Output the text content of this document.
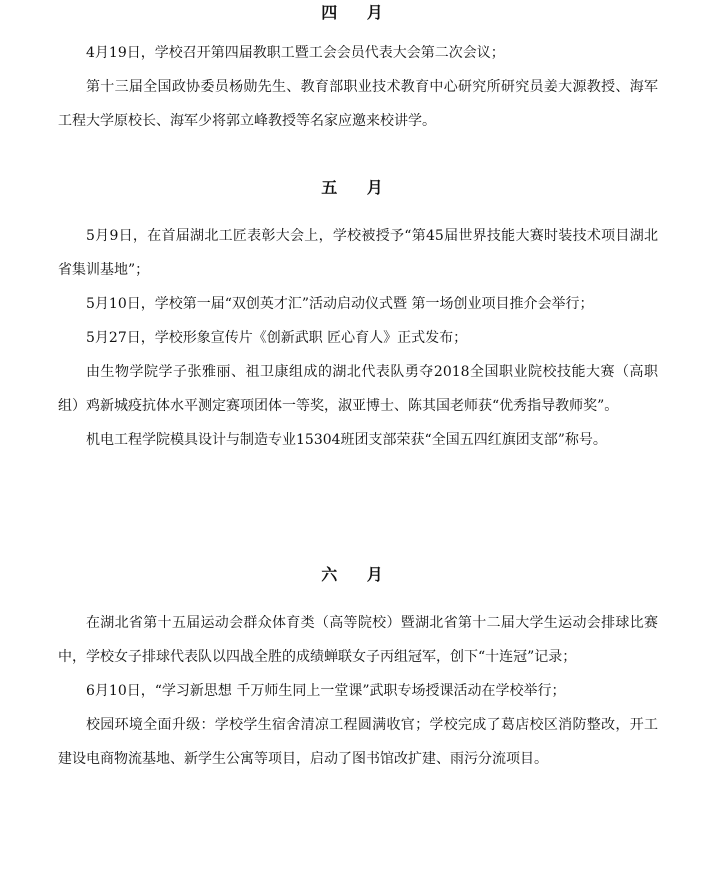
四 月

4月19日，学校召开第四届教职工暨工会会员代表大会第二次会议；

第十三届全国政协委员杨勋先生、教育部职业技术教育中心研究所研究员姜大源教授、海军工程大学原校长、海军少将郭立峰教授等名家应邀来校讲学。

五 月

5月9日，在首届湖北工匠表彰大会上，学校被授予“第45届世界技能大赛时装技术项目湖北省集训基地”；

5月10日，学校第一届“双创英才汇”活动启动仪式暨 第一场创业项目推介会举行；

5月27日，学校形象宣传片《创新武职 匠心育人》正式发布；

由生物学院学子张雅丽、祖卫康组成的湖北代表队勇夺2018全国职业院校技能大赛（高职组）鸡新城疫抗体水平测定赛项团体一等奖，淑亚博士、陈其国老师获“优秀指导教师奖”。

机电工程学院模具设计与制造专业15304班团支部荣获“全国五四红旗团支部”称号。

六 月

在湖北省第十五届运动会群众体育类（高等院校）暨湖北省第十二届大学生运动会排球比赛中，学校女子排球代表队以四战全胜的成绩蝉联女子丙组冠军，创下“十连冠”记录；

6月10日，“学习新思想 千万师生同上一堂课”武职专场授课活动在学校举行；

校园环境全面升级：学校学生宿舍清凉工程圆满收官；学校完成了葛店校区消防整改，开工建设电商物流基地、新学生公寓等项目，启动了图书馆改扩建、雨污分流项目。
